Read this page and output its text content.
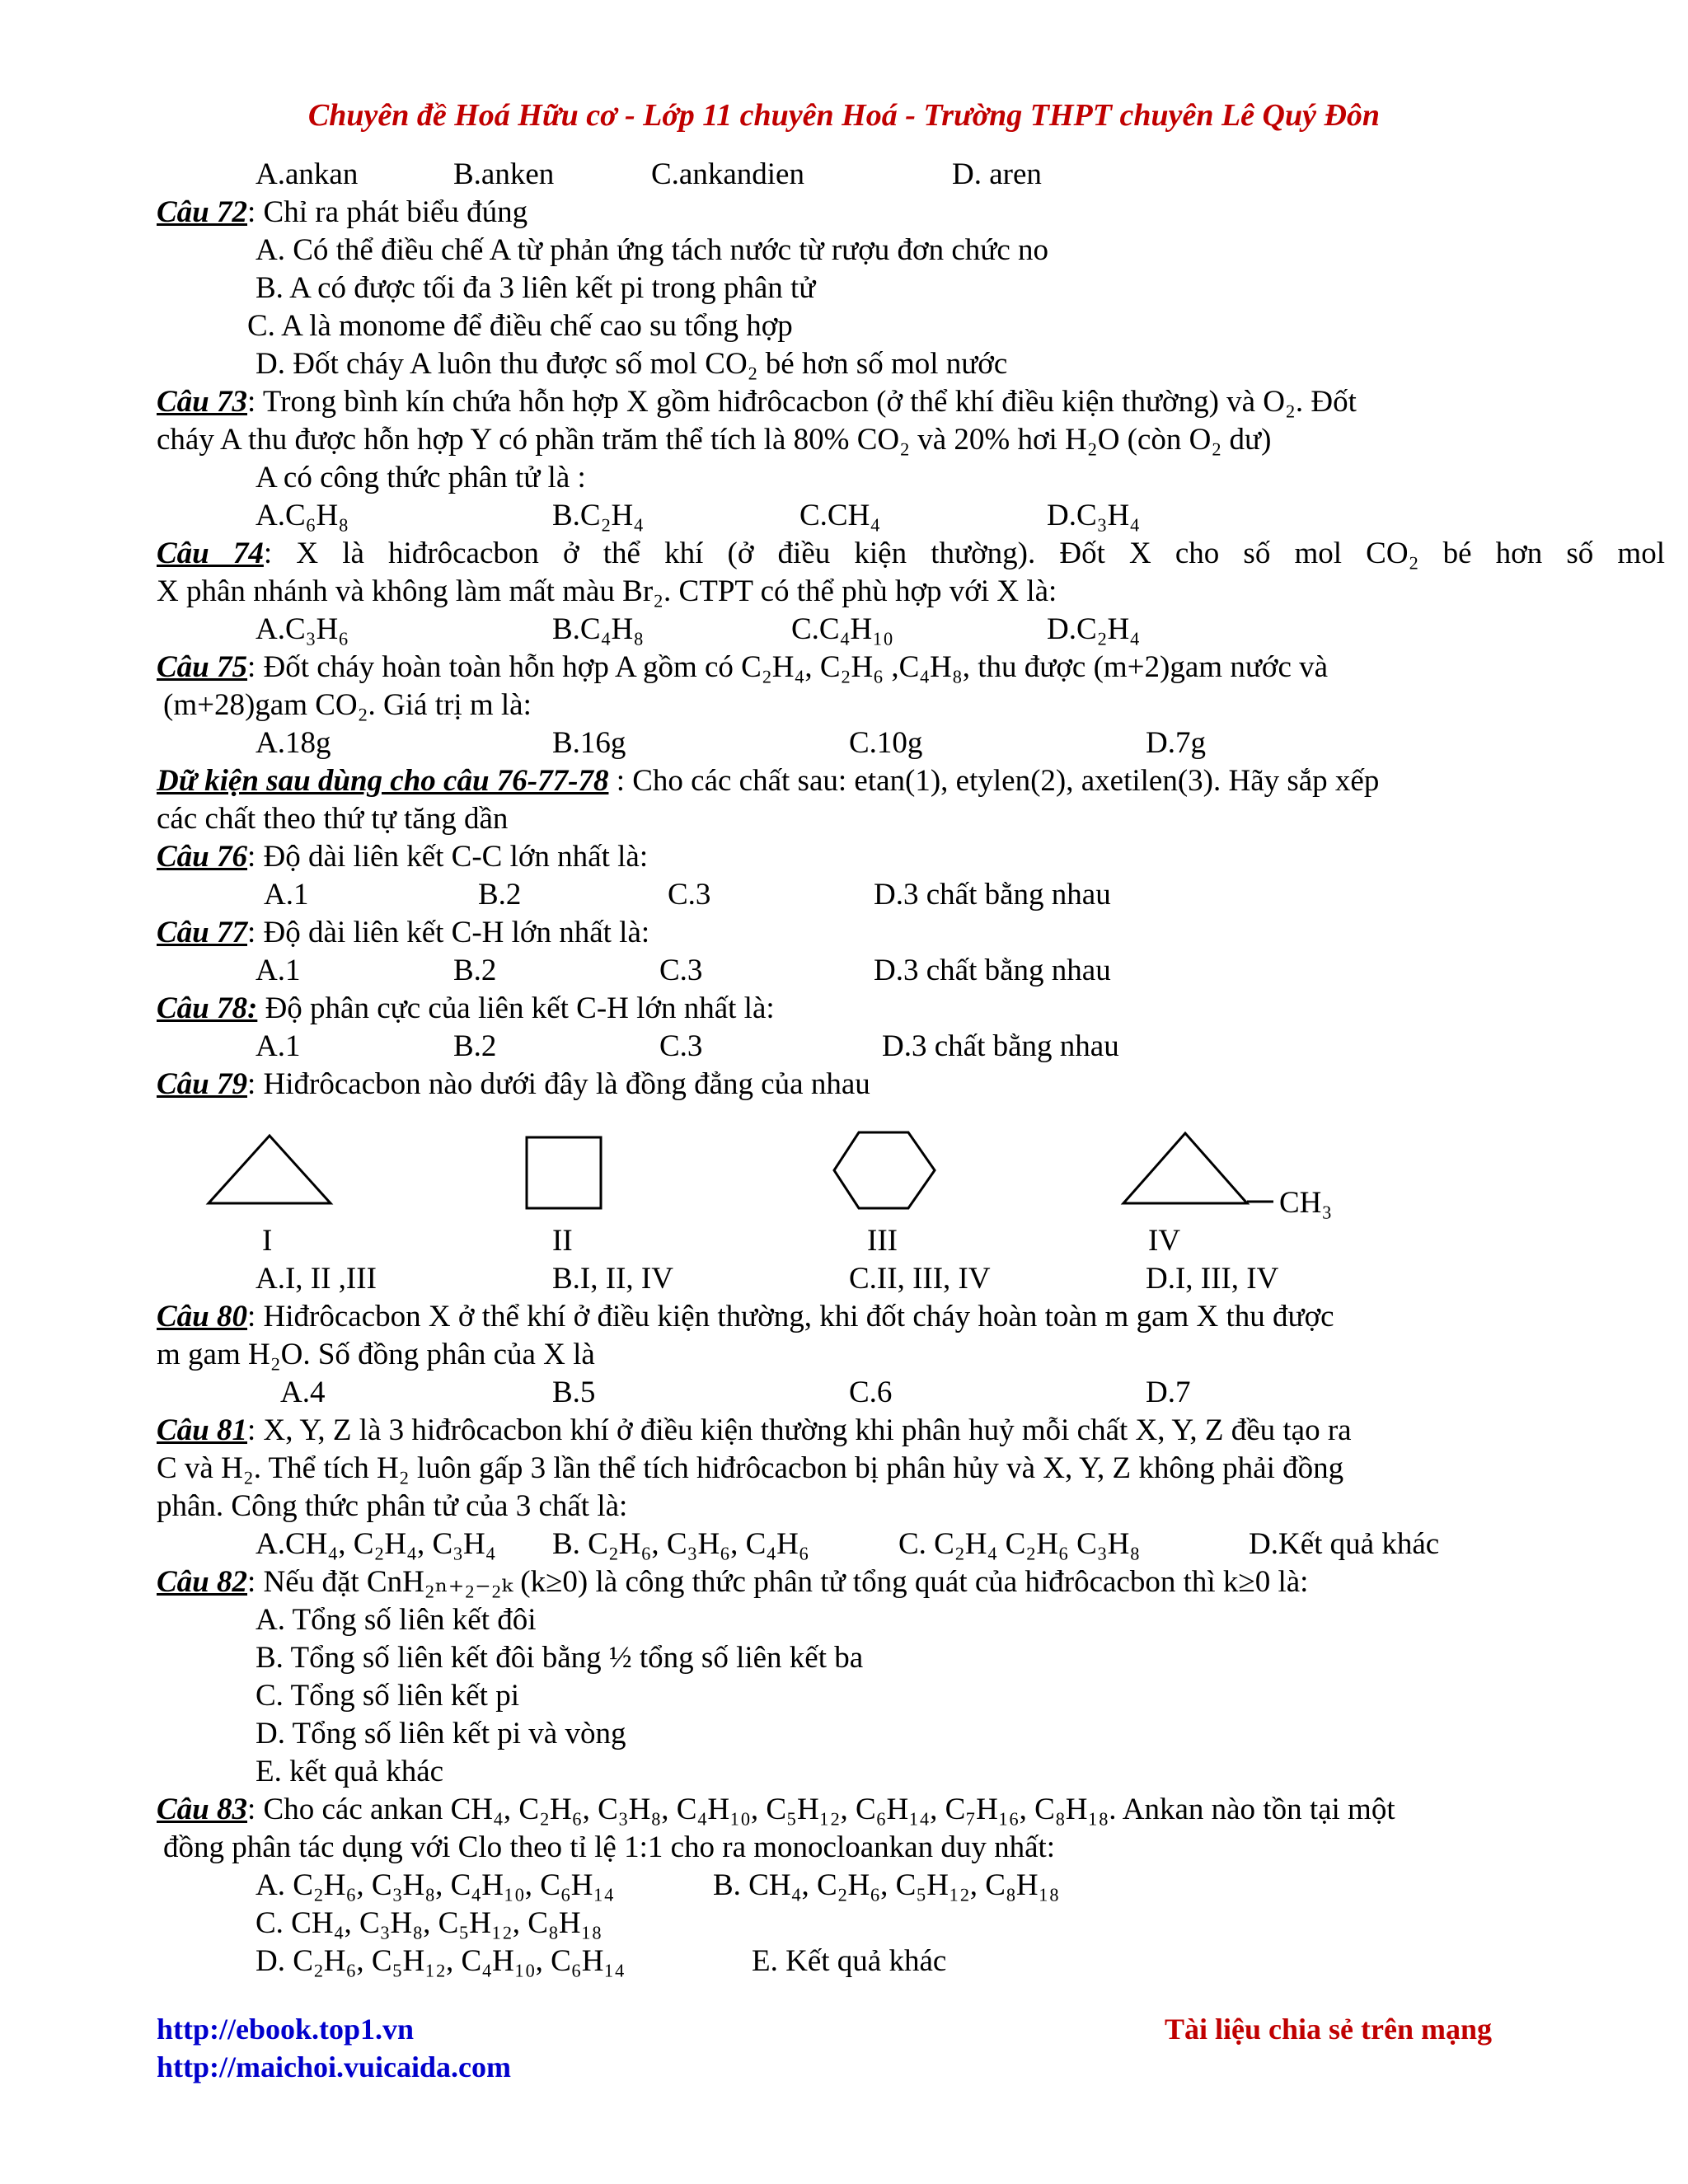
Chuyên đề Hoá Hữu cơ - Lớp 11 chuyên Hoá - Trường THPT chuyên Lê Quý Đôn
A.ankan	B.anken	C.ankandien	D. aren
Câu 72: Chỉ ra phát biểu đúng
A. Có thể điều chế A từ phản ứng tách nước từ rượu đơn chức no
B. A có được tối đa 3 liên kết pi trong phân tử
C. A là monome để điều chế cao su tổng hợp
D. Đốt cháy A luôn thu được số mol CO₂ bé hơn số mol nước
Câu 73: Trong bình kín chứa hỗn hợp X gồm hiđrôcacbon (ở thể khí điều kiện thường) và O₂. Đốt
cháy A thu được hỗn hợp Y có phần trăm thể tích là 80% CO₂ và 20% hơi H₂O (còn O₂ dư)
A có công thức phân tử là :
A.C₆H₈	B.C₂H₄	C.CH₄	D.C₃H₄
Câu 74: X là hiđrôcacbon ở thể khí (ở điều kiện thường). Đốt X cho số mol CO₂ bé hơn số mol
X phân nhánh và không làm mất màu Br₂. CTPT có thể phù hợp với X là:
A.C₃H₆	B.C₄H₈	C.C₄H₁₀	D.C₂H₄
Câu 75: Đốt cháy hoàn toàn hỗn hợp A gồm có C₂H₄, C₂H₆ ,C₄H₈, thu được (m+2)gam nước và
(m+28)gam CO₂. Giá trị m là:
A.18g	B.16g	C.10g	D.7g
Dữ kiện sau dùng cho câu 76-77-78 : Cho các chất sau: etan(1), etylen(2), axetilen(3). Hãy sắp xếp
các chất theo thứ tự tăng dần
Câu 76: Độ dài liên kết C-C lớn nhất là:
A.1	B.2	C.3	D.3 chất bằng nhau
Câu 77: Độ dài liên kết C-H lớn nhất là:
A.1	B.2	C.3	D.3 chất bằng nhau
Câu 78: Độ phân cực của liên kết C-H lớn nhất là:
A.1	B.2	C.3	D.3 chất bằng nhau
Câu 79: Hiđrôcacbon nào dưới đây là đồng đẳng của nhau
CH₃
I	II	III	IV
A.I, II ,III	B.I, II, IV	C.II, III, IV	D.I, III, IV
Câu 80: Hiđrôcacbon X ở thể khí ở điều kiện thường, khi đốt cháy hoàn toàn m gam X thu được
m gam H₂O. Số đồng phân của X là
A.4	B.5	C.6	D.7
Câu 81: X, Y, Z là 3 hiđrôcacbon khí ở điều kiện thường khi phân huỷ mỗi chất X, Y, Z đều tạo ra
C và H₂. Thể tích H₂ luôn gấp 3 lần thể tích hiđrôcacbon bị phân hủy và X, Y, Z không phải đồng
phân. Công thức phân tử của 3 chất là:
A.CH₄, C₂H₄, C₃H₄ B. C₂H₆, C₃H₆, C₄H₆	C. C₂H₄ C₂H₆ C₃H₈	D.Kết quả khác
Câu 82: Nếu đặt CnH₂ₙ₊₂₋₂ₖ (k≥0) là công thức phân tử tổng quát của hiđrôcacbon thì k≥0 là:
A. Tổng số liên kết đôi
B. Tổng số liên kết đôi bằng ½ tổng số liên kết ba
C. Tổng số liên kết pi
D. Tổng số liên kết pi và vòng
E. kết quả khác
Câu 83: Cho các ankan CH₄, C₂H₆, C₃H₈, C₄H₁₀, C₅H₁₂, C₆H₁₄, C₇H₁₆, C₈H₁₈. Ankan nào tồn tại một
đồng phân tác dụng với Clo theo tỉ lệ 1:1 cho ra monocloankan duy nhất:
A. C₂H₆, C₃H₈, C₄H₁₀, C₆H₁₄	B. CH₄, C₂H₆, C₅H₁₂, C₈H₁₈
C. CH₄, C₃H₈, C₅H₁₂, C₈H₁₈
D. C₂H₆, C₅H₁₂, C₄H₁₀, C₆H₁₄	E. Kết quả khác
http://ebook.top1.vn
http://maichoi.vuicaida.com
Tài liệu chia sẻ trên mạng
